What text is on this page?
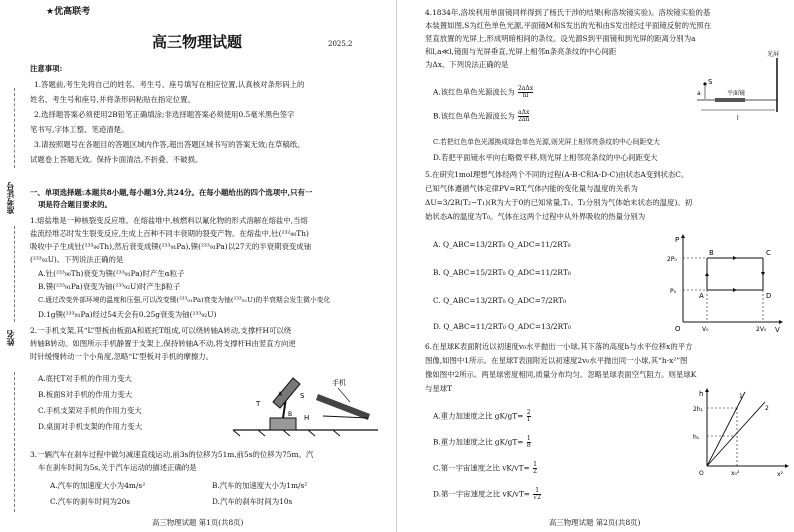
★优高联考
高三物理试题	2025.2
准考证号
姓名
注意事项:
1.答题前,考生先将自己的姓名、考生号、座号填写在相应位置,认真核对条形码上的
姓名、考生号和座号,并将条形码粘贴在指定位置。
2.选择题答案必须使用2B铅笔正确填涂;非选择题答案必须使用0.5毫米黑色签字
笔书写,字体工整、笔迹清楚。
3.请按照题号在各题目的答题区域内作答,超出答题区域书写的答案无效;在草稿纸、
试题卷上答题无效。保持卡面清洁,不折叠、不破损。
一、单项选择题:本题共8小题,每小题3分,共24分。在每小题给出的四个选项中,只有一
项是符合题目要求的。
1.熔盐堆是一种核裂变反应堆。在熔盐堆中,核燃料以氟化物的形式溶解在熔盐中,当熔
盐流经堆芯时发生裂变反应,生成上百种不同丰衰期的裂变产物。在熔盐中,钍(²³²₉₀Th)
吸收中子生成钍(²³³₉₀Th),然后衰变成镤(²³³₉₁Pa),镤(²³³₉₁Pa)以27天的半衰期衰变成铀
(²³³₉₂U)。下列说法正确的是
A.钍(²³³₉₀Th)衰变为镤(²³³₉₁Pa)时产生α粒子
B.镤(²³³₉₁Pa)衰变为铀(²³³₉₂U)时产生β粒子
C.通过改变外部环境的温度和压强,可以改变镤(²³³₉₁Pa)衰变为铀(²³³₉₂U)的半衰期会发生微小变化
D.1g镤(²³³₉₁Pa)经过54天会有0.25g衰变为铀(²³³₉₂U)
2.一手机支架,其“L”型板由板面A和底托T组成,可以绕转轴A转动,支撑杆H可以绕
转轴B转动。如图所示手机静置于支架上,保持转轴A不动,将支撑杆H由竖直方向逆
时针缓慢转动一个小角度,忽略“L”型板对手机的摩擦力。
A.底托T对手机的作用力变大
B.板面S对手机的作用力变大
C.手机支架对手机的作用力变大
D.桌面对手机支架的作用力变大
手机
T
S
H
A
B
3.一辆汽车在刹车过程中做匀减速直线运动,前3s的位移为51m,前5s的位移为75m。汽
车在刹车时间为5s,关于汽车运动的描述正确的是
A.汽车的加速度大小为4m/s²	B.汽车的加速度大小为1m/s²
C.汽车的刹车时间为20s	D.汽车的刹车时间为10s
高三物理试题 第1页(共8页)
4.1834年,洛埃利用单面镜同样得到了杨氏干涉的结果(称洛埃镜实验)。洛埃镜实验的基
本装置如图,S为红色单色光源,平面镜M和S发出的光和由S发出经过平面镜反射的光照在
竖直放置的光屏上,形成明暗相间的条纹。设光源S到平面镜和到光屏的距离分别为a
和l,a≪l,镜面与光屏垂直,光屏上相邻n条亮条纹的中心间距
为Δx。下列说法正确的是
A.该红色单色光源波长为 $\frac{\text{2aΔx}}{nl}$
B.该红色单色光源波长为 $\frac{\text{aΔx}}{2an}$
C.若把红色单色光源换成绿色单色光源,则光屏上相邻亮条纹的中心间距变大
D.若把平面镜水平向右略微平移,则光屏上相邻亮条纹的中心间距变大
光屏
平面镜
S
a
l
5.在研究1mol理想气体经两个不同的过程(A-B-C和A-D-C)由状态A变到状态C。
已知气体遵循气体定律PV=RT,气体内能的变化量与温度的关系为
ΔU=3/2R(T₂−T₁)(R为大于0的已知常量,T₁、T₂分别为气体始末状态的温度)。初
始状态A的温度为T₀。气体在这两个过程中从外界吸收的热量分别为
A. Q_ABC=13/2RT₀ Q_ADC=11/2RT₀
B. Q_ABC=15/2RT₀ Q_ADC=11/2RT₀
C. Q_ABC=13/2RT₀ Q_ADC=7/2RT₀
D. Q_ABC=11/2RT₀ Q_ADC=13/2RT₀
P
V
O
2P₀
P₀
V₀	2V₀
A
B	C
D
6.在星球K表面附近以初速度v₀水平抛出一小球,其下落的高度h与水平位移x的平方
图像,如图中1所示。在星球T表面附近以初速度2v₀水平抛出同一小球,其“h-x²”图
像如图中2所示。两星球密度相同,质量分布均匀。忽略星球表面空气阻力。则星球K
与星球T
A.重力加速度之比 $gK/gT= \frac{2}{1}$
B.重力加速度之比 $gK/gT= \frac{1}{8}$
C.第一宇宙速度之比 $vK/vT= \frac{1}{2}$
D.第一宇宙速度之比 $vK/vT= \frac{1}{√2}$
h
x²
O
h₁
2h₁
x₀²
1
2
高三物理试题 第2页(共8页)
